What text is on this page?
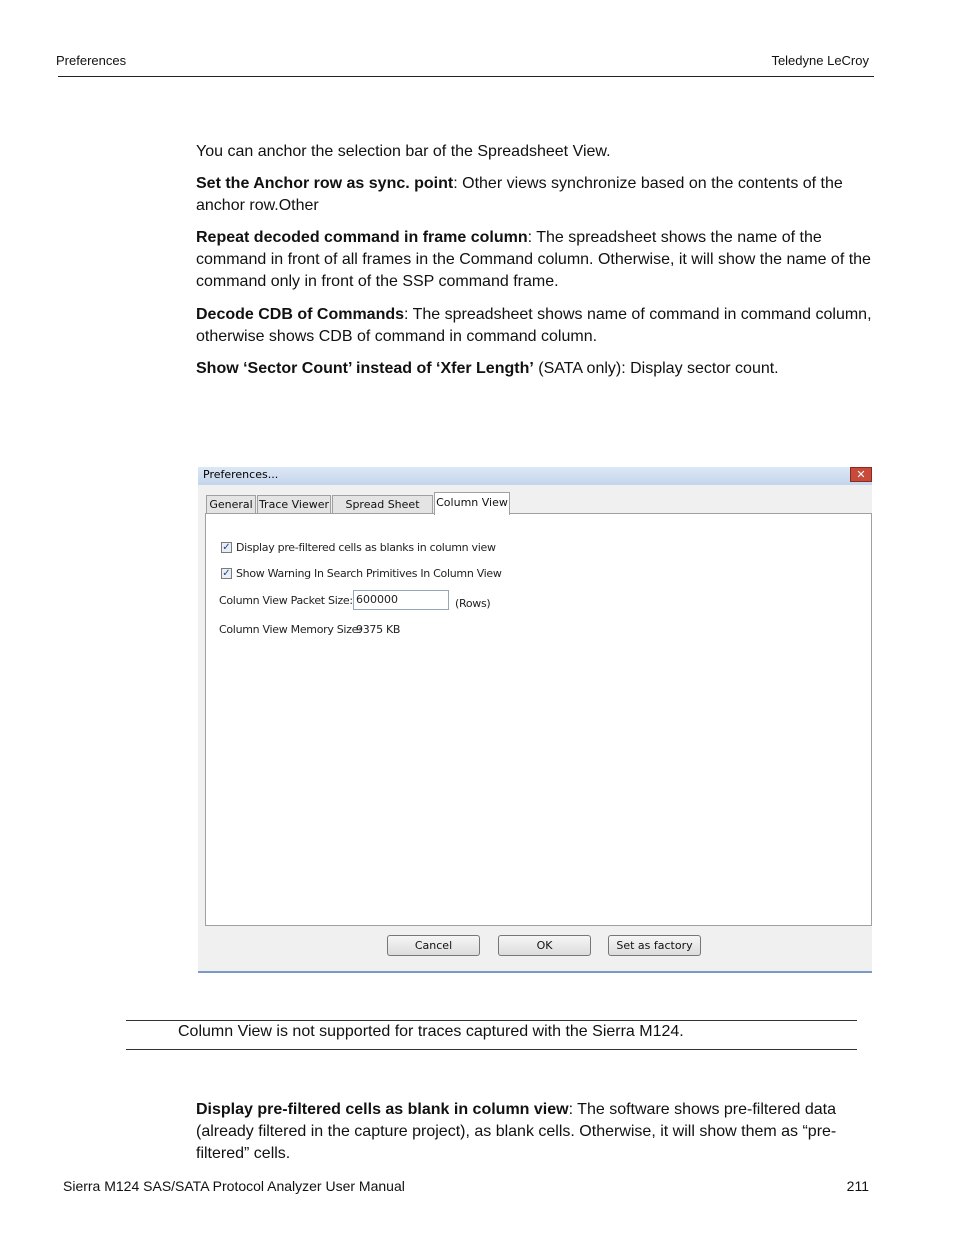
Preferences	Teledyne LeCroy
You can anchor the selection bar of the Spreadsheet View.
Set the Anchor row as sync. point: Other views synchronize based on the contents of the anchor row.Other
Repeat decoded command in frame column: The spreadsheet shows the name of the command in front of all frames in the Command column. Otherwise, it will show the name of the command only in front of the SSP command frame.
Decode CDB of Commands: The spreadsheet shows name of command in command column, otherwise shows CDB of command in command column.
Show ‘Sector Count’ instead of ‘Xfer Length’ (SATA only): Display sector count.
Preferences...	✕
General Trace Viewer	Spread Sheet	Column View
✓ Display pre-filtered cells as blanks in column view
✓ Show Warning In Search Primitives In Column View
Column View Packet Size: 600000	(Rows)
Column View Memory Size:
9375 KB
Cancel	OK	Set as factory
Column View is not supported for traces captured with the Sierra M124.
Display pre-filtered cells as blank in column view: The software shows pre-filtered data (already filtered in the capture project), as blank cells. Otherwise, it will show them as “pre-filtered” cells.
Sierra M124 SAS/SATA Protocol Analyzer User Manual	211
